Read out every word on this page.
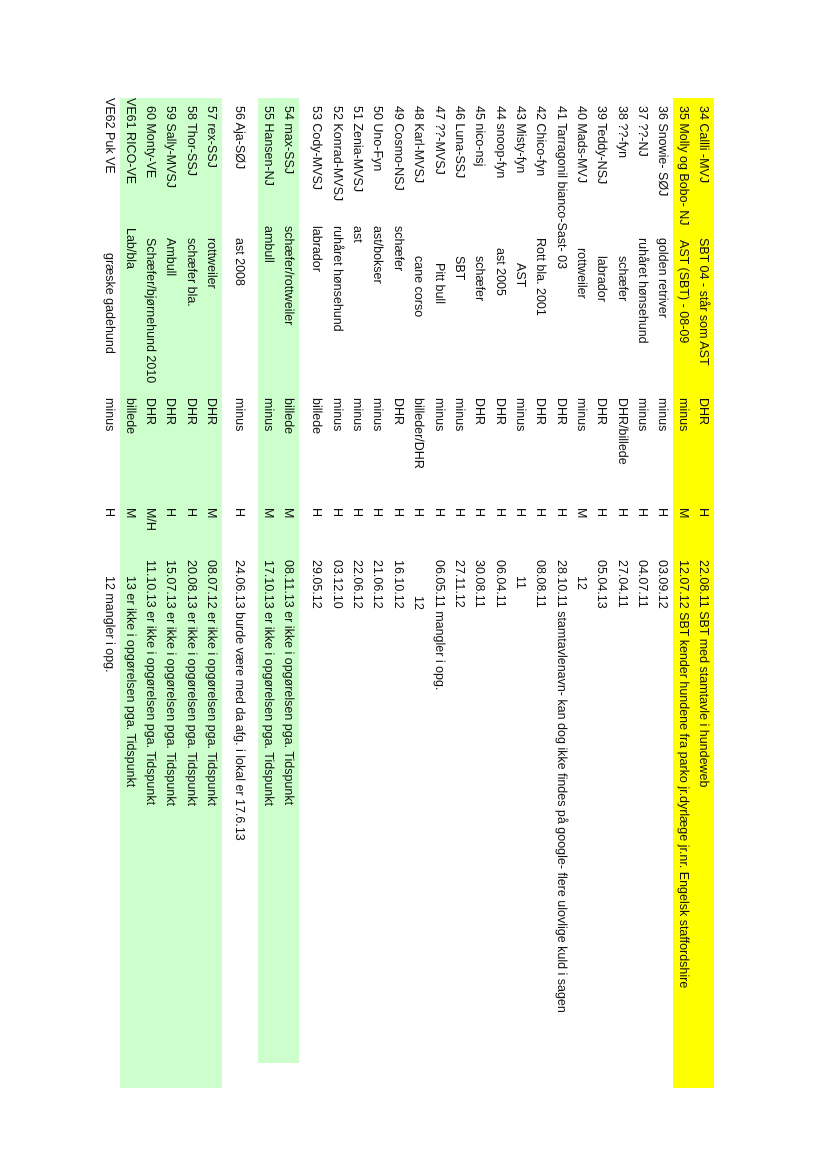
34 Callli -MVJ
SBT 04 - står som AST
DHR
H
22.08.11 SBT med stamtavle i hundeweb
35 Molly og Bobo- NJ
AST (SBT) - 08-09
minus
M
12.07.12 SBT kender hundene fra parko jr.dyrlæge jr.nr. Engelsk staffordshire
36 Snowie- SØJ
golden retriver
minus
H
03.09.12
37 ??-NJ
ruhåret hønsehund
minus
H
04.07.11
38 ??-fyn
schæfer
DHR/billede
H
27.04.11
39 Teddy-NSJ
labrador
DHR
H
05.04.13
40 Mads-MVJ
rottweiler
minus
M
12
41 Tarragonil bianco-Sast- 03
DHR
H
28.10.11 stamtavlenavn- kan dog ikke findes på google- flere ulovlige kuld i sagen
42 Chico-fyn
Rott bla. 2001
DHR
H
08.08.11
43 Misty-fyn
AST
minus
H
11
44 snoop-fyn
ast 2005
DHR
H
06.04.11
45 nico-nsj
schæfer
DHR
H
30.08.11
46 Luna-SSJ
SBT
minus
H
27.11.12
47 ??-MVSJ
Pitt bull
minus
H
06.05.11 mangler i opg.
48 Karl-MVSJ
cane corso
billeder/DHR
H
12
49 Cosmo-NSJ
schæfer
DHR
H
16.10.12
50 Uno-Fyn
ast/bokser
minus
H
21.06.12
51 Zenia-MVSJ
ast
minus
H
22.06.12
52 Konrad-MVSJ
ruhåret hønsehund
minus
H
03.12.10
53 Cody-MVSJ
labrador
billede
H
29.05.12
54 max-SSJ
schæfer/rottweiler
billede
M
08.11.13 er ikke i opgørelsen pga. Tidspunkt
55 Hansen-NJ
ambull
minus
M
17.10.13 er ikke i opgørelsen pga. Tidspunkt
56 Aja-SØJ
ast 2008
minus
H
24.06.13 burde være med da afg. i lokal er 17.6.13
57 rex-SSJ
rottweiler
DHR
M
08.07.12 er ikke i opgørelsen pga. Tidspunkt
58 Thor-SSJ
schæfer bla.
DHR
H
20.08.13 er ikke i opgørelsen pga. Tidspunkt
59 Sally-MVSJ
Ambull
DHR
H
15.07.13 er ikke i opgørelsen pga. Tidspunkt
60 Monty-VE
Schæfer/bjørnehund 2010
DHR
M/H
11.10.13 er ikke i opgørelsen pga. Tidspunkt
VE61 RICO-VE
Lab/bla
billede
M
13 er ikke i opgørelsen pga. Tidspunkt
VE62 Puk VE
græske gadehund
minus
H
12 mangler i opg.
